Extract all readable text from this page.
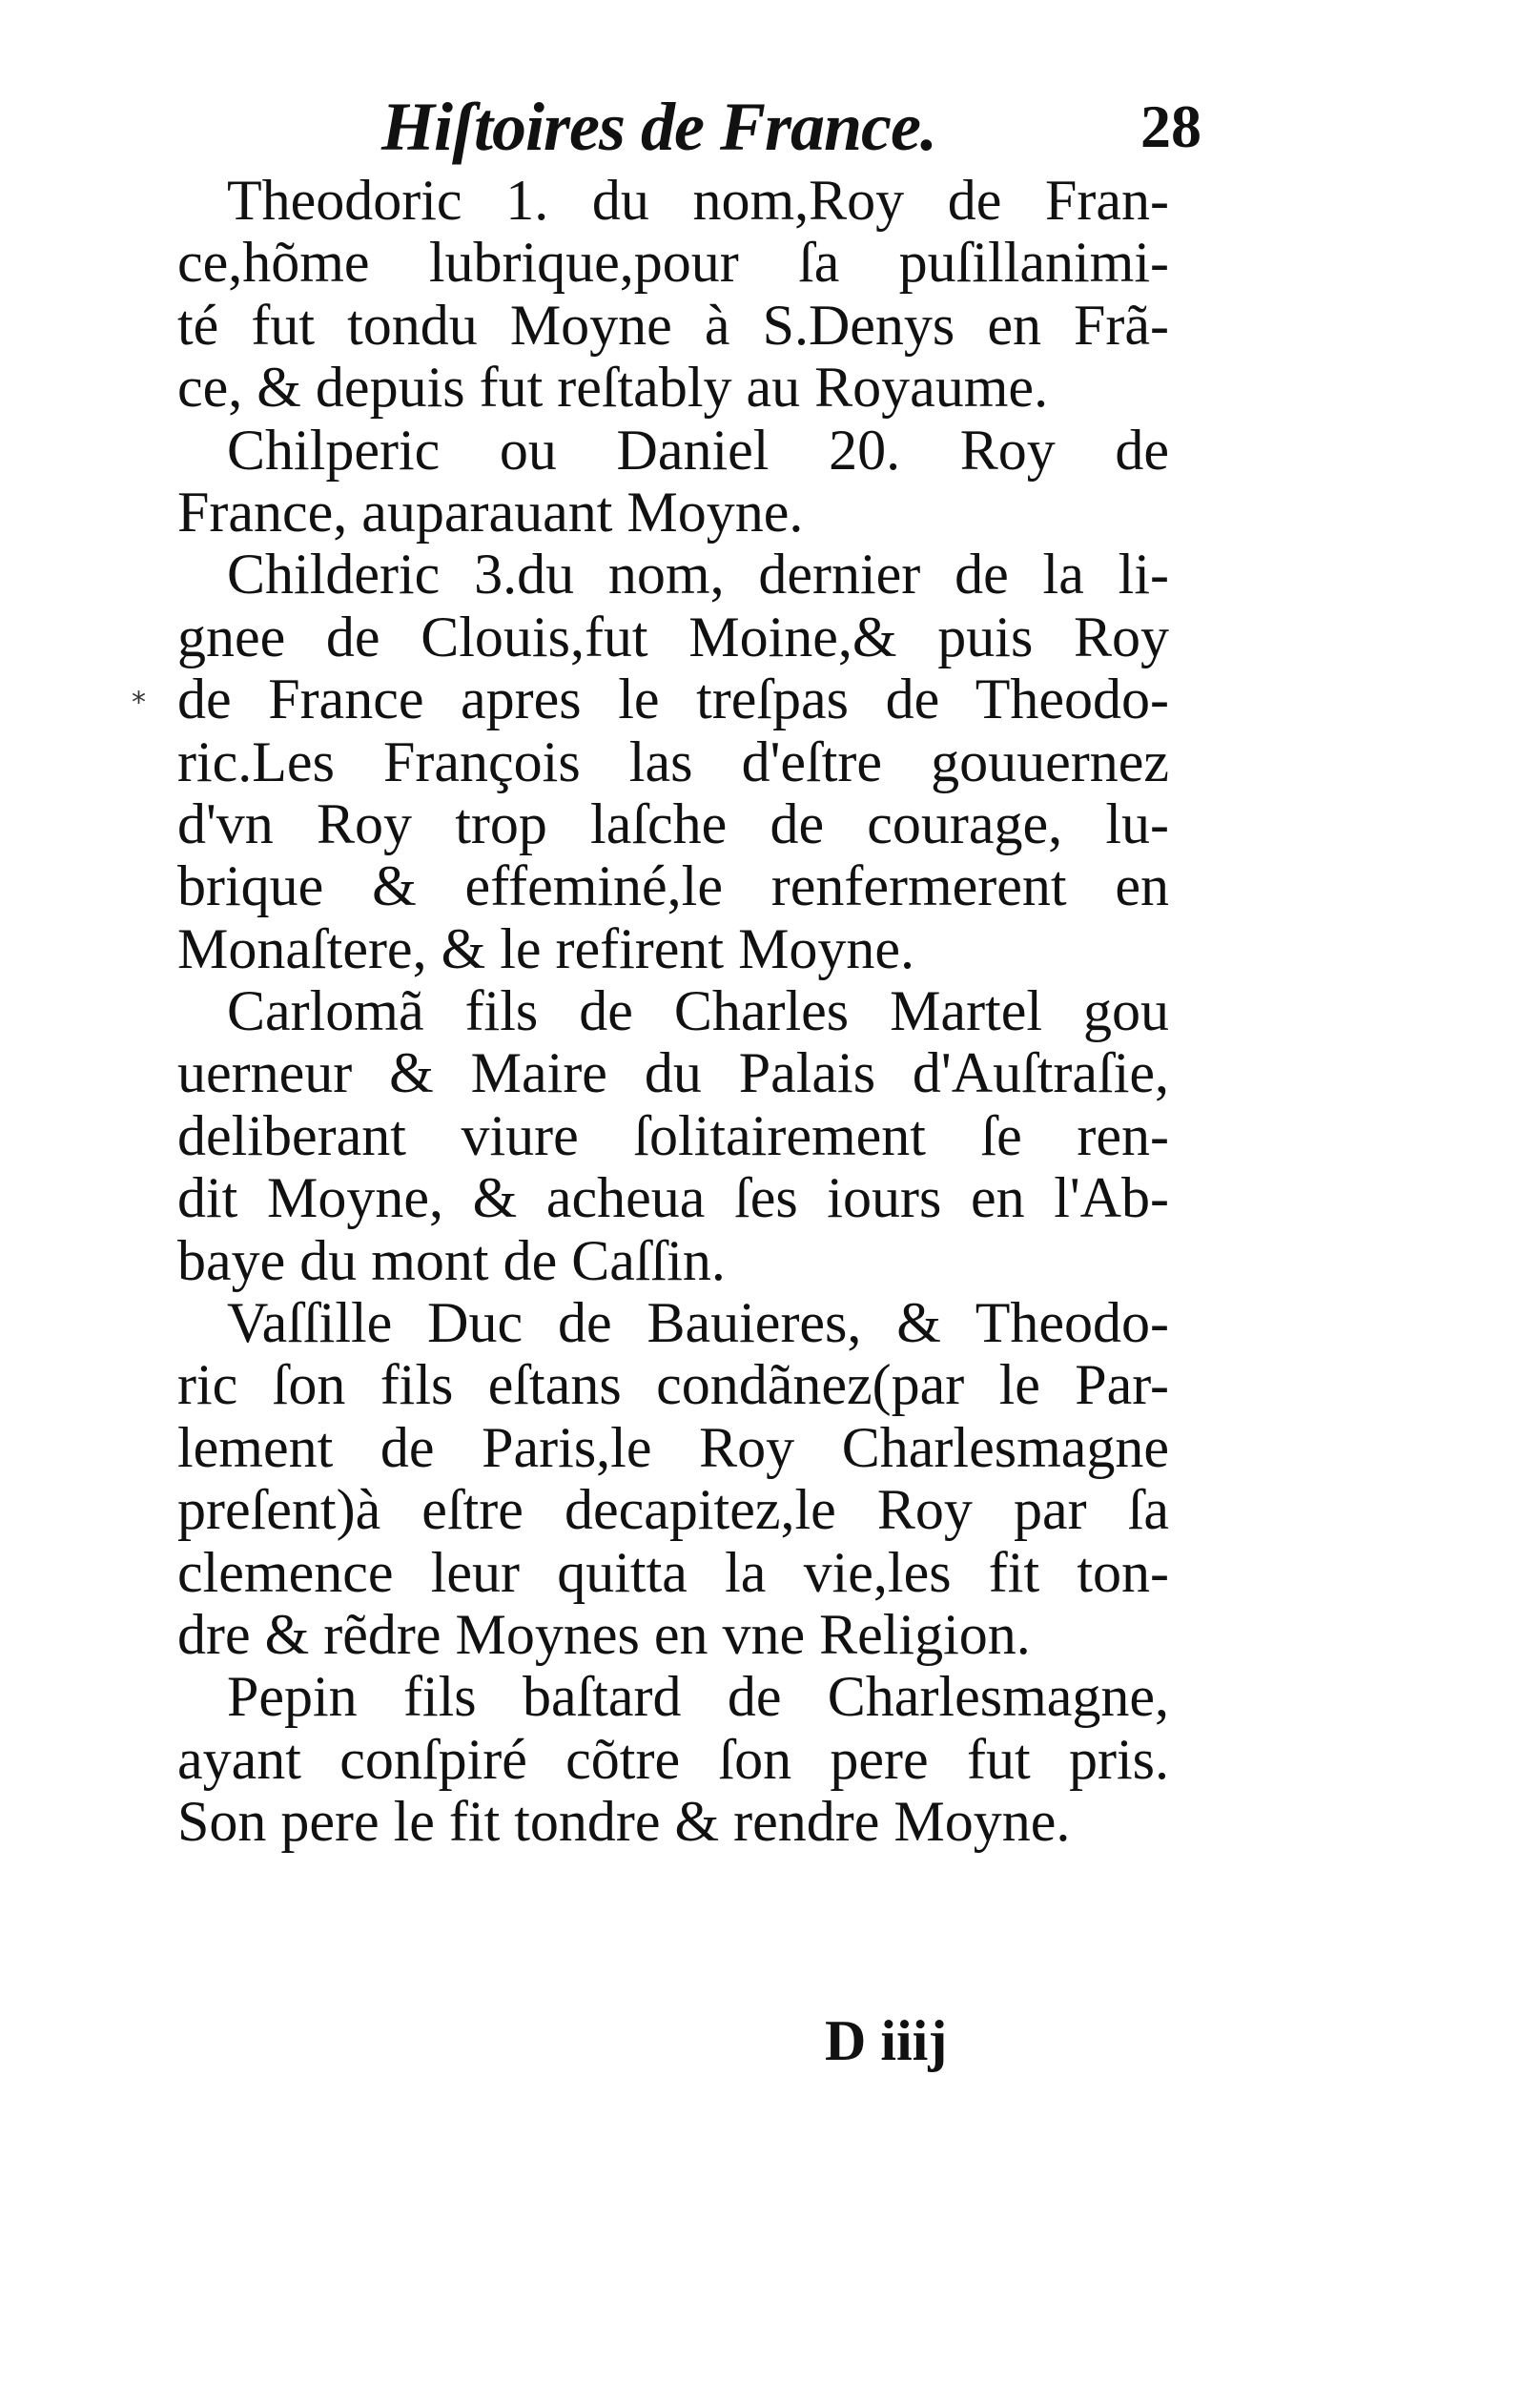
Hiſtoires de France.	28
Theodoric 1. du nom,Roy de Fran-
ce,hõme lubrique,pour ſa puſillanimi-
té fut tondu Moyne à S.Denys en Frã-
ce, & depuis fut reſtably au Royaume.
Chilperic ou Daniel 20. Roy de
France, auparauant Moyne.
Childeric 3.du nom, dernier de la li-
gnee de Clouis,fut Moine,& puis Roy
de France apres le treſpas de Theodo-
ric.Les François las d'eſtre gouuernez
d'vn Roy trop laſche de courage, lu-
brique & effeminé,le renfermerent en
Monaſtere, & le refirent Moyne.
Carlomã fils de Charles Martel gou
uerneur & Maire du Palais d'Auſtraſie,
deliberant viure ſolitairement ſe ren-
dit Moyne, & acheua ſes iours en l'Ab-
baye du mont de Caſſin.
Vaſſille Duc de Bauieres, & Theodo-
ric ſon fils eſtans condãnez(par le Par-
lement de Paris,le Roy Charlesmagne
preſent)à eſtre decapitez,le Roy par ſa
clemence leur quitta la vie,les fit ton-
dre & rẽdre Moynes en vne Religion.
Pepin fils baſtard de Charlesmagne,
ayant conſpiré cõtre ſon pere fut pris.
Son pere le fit tondre & rendre Moyne.
D iiij
⁎
